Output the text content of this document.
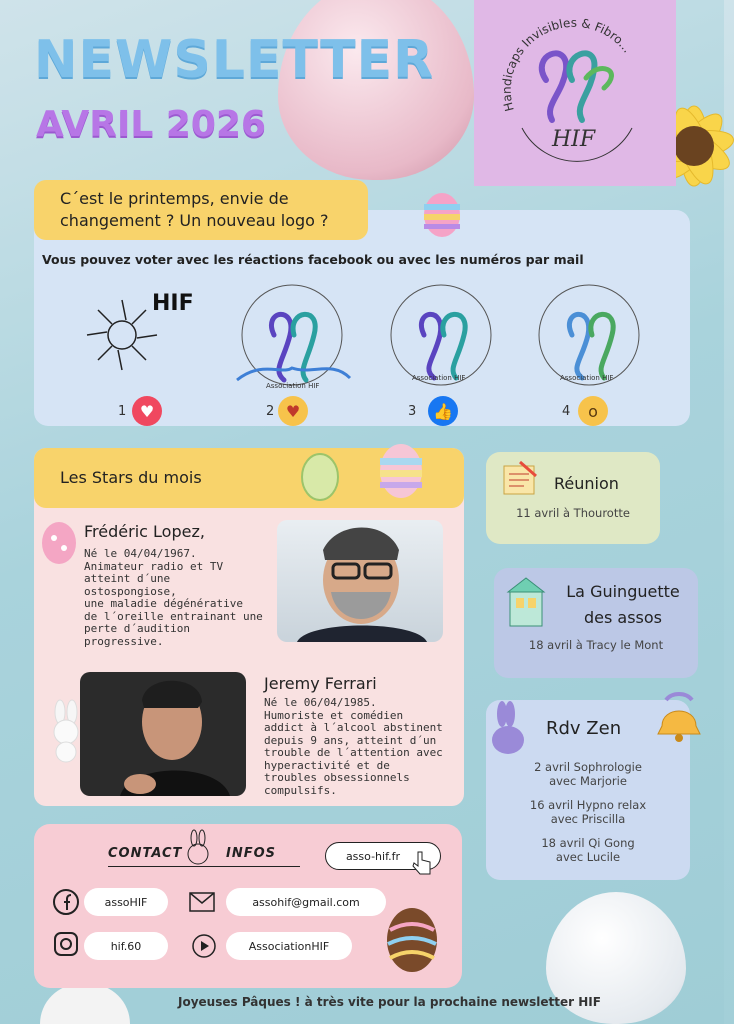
NEWSLETTER
AVRIL 2026	Handicaps Invisibles & Fibro...
HIF
C´est le printemps, envie de changement ? Un nouveau logo ?
Vous pouvez voter avec les réactions facebook ou avec les numéros par mail
HIF
Association HIF
Association HIF	Association HIF
1 ♥	2 ♥	3	👍	4	o
Les Stars du mois
Frédéric Lopez,
Né le 04/04/1967.
Animateur radio et TV
atteint d´une
ostospongiose,
une maladie dégénérative
de l´oreille entrainant une
perte d´audition
progressive.
Jeremy Ferrari
Né le 06/04/1985.
Humoriste et comédien
addict à l´alcool abstinent
depuis 9 ans, atteint d´un
trouble de l´attention avec
hyperactivité et de
troubles obsessionnels
compulsifs.
Réunion
11 avril à Thourotte
La Guinguette
des assos
18 avril à Tracy le Mont
Rdv Zen
2 avril Sophrologie
avec Marjorie
16 avril Hypno relax
avec Priscilla
18 avril Qi Gong
avec Lucile
CONTACT	INFOS	asso-hif.fr
assoHIF	assohif@gmail.com
hif.60	AssociationHIF
Joyeuses Pâques ! à très vite pour la prochaine newsletter HIF
